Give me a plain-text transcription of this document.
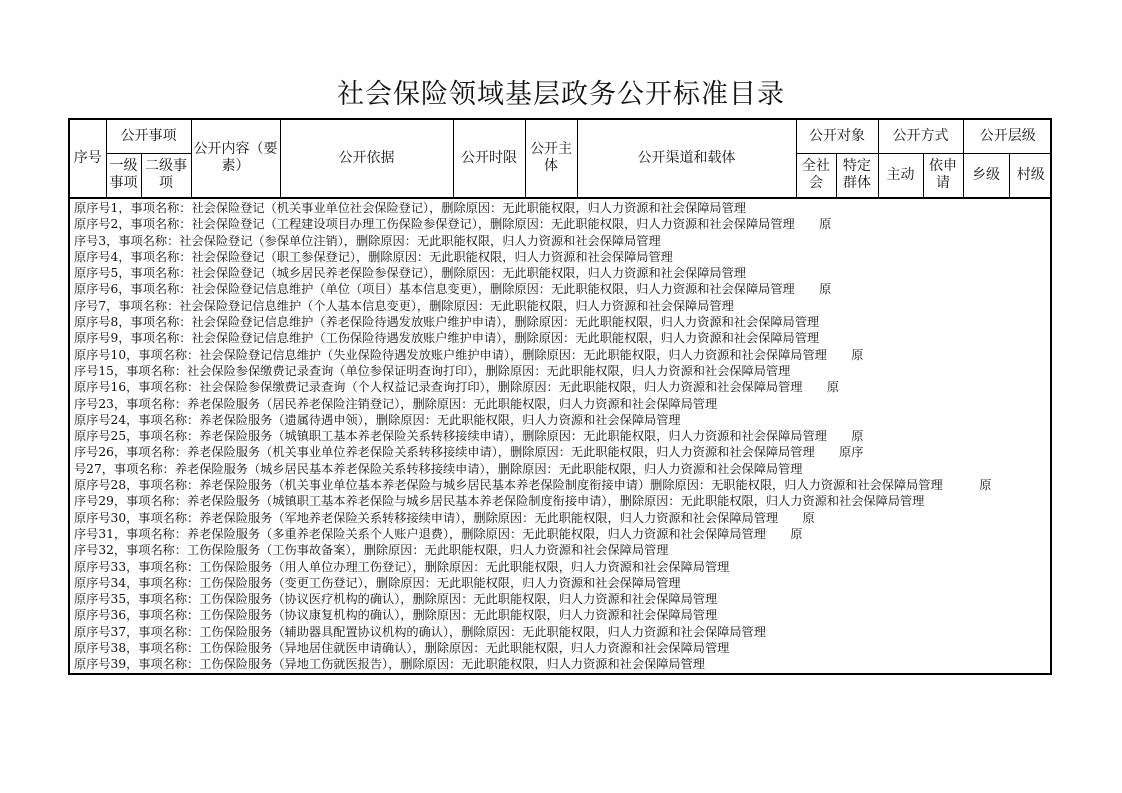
社会保险领域基层政务公开标准目录
序号	公开事项		公开内容（要素）	公开依据	公开时限	公开主体	公开渠道和载体	公开对象		公开方式		公开层级	
	一级事项	二级事项						全社会	特定群体	主动	依申请	乡级	村级
原序号1，事项名称：社会保险登记（机关事业单位社会保险登记），删除原因：无此职能权限，归人力资源和社会保障局管理
原序号2，事项名称：社会保险登记（工程建设项目办理工伤保险参保登记），删除原因：无此职能权限，归人力资源和社会保障局管理　　原
序号3，事项名称：社会保险登记（参保单位注销），删除原因：无此职能权限，归人力资源和社会保障局管理
原序号4，事项名称：社会保险登记（职工参保登记），删除原因：无此职能权限，归人力资源和社会保障局管理
原序号5，事项名称：社会保险登记（城乡居民养老保险参保登记），删除原因：无此职能权限，归人力资源和社会保障局管理
原序号6，事项名称：社会保险登记信息维护（单位（项目）基本信息变更），删除原因：无此职能权限，归人力资源和社会保障局管理　　原
序号7，事项名称：社会保险登记信息维护（个人基本信息变更），删除原因：无此职能权限，归人力资源和社会保障局管理
原序号8，事项名称：社会保险登记信息维护（养老保险待遇发放账户维护申请），删除原因：无此职能权限，归人力资源和社会保障局管理
原序号9，事项名称：社会保险登记信息维护（工伤保险待遇发放账户维护申请），删除原因：无此职能权限，归人力资源和社会保障局管理
原序号10，事项名称：社会保险登记信息维护（失业保险待遇发放账户维护申请），删除原因：无此职能权限，归人力资源和社会保障局管理　　原
序号15，事项名称：社会保险参保缴费记录查询（单位参保证明查询打印），删除原因：无此职能权限，归人力资源和社会保障局管理
原序号16，事项名称：社会保险参保缴费记录查询（个人权益记录查询打印），删除原因：无此职能权限，归人力资源和社会保障局管理　　原
序号23，事项名称：养老保险服务（居民养老保险注销登记），删除原因：无此职能权限，归人力资源和社会保障局管理
原序号24，事项名称：养老保险服务（遗属待遇申领），删除原因：无此职能权限，归人力资源和社会保障局管理
原序号25，事项名称：养老保险服务（城镇职工基本养老保险关系转移接续申请），删除原因：无此职能权限，归人力资源和社会保障局管理　　原
序号26，事项名称：养老保险服务（机关事业单位养老保险关系转移接续申请），删除原因：无此职能权限，归人力资源和社会保障局管理　　原序
号27，事项名称：养老保险服务（城乡居民基本养老保险关系转移接续申请），删除原因：无此职能权限，归人力资源和社会保障局管理
原序号28，事项名称：养老保险服务（机关事业单位基本养老保险与城乡居民基本养老保险制度衔接申请）删除原因：无职能权限，归人力资源和社会保障局管理　　　原
序号29，事项名称：养老保险服务（城镇职工基本养老保险与城乡居民基本养老保险制度衔接申请），删除原因：无此职能权限，归人力资源和社会保障局管理
原序号30，事项名称：养老保险服务（军地养老保险关系转移接续申请），删除原因：无此职能权限，归人力资源和社会保障局管理　　原
序号31，事项名称：养老保险服务（多重养老保险关系个人账户退费），删除原因：无此职能权限，归人力资源和社会保障局管理　　原
序号32，事项名称：工伤保险服务（工伤事故备案），删除原因：无此职能权限，归人力资源和社会保障局管理
原序号33，事项名称：工伤保险服务（用人单位办理工伤登记），删除原因：无此职能权限，归人力资源和社会保障局管理
原序号34，事项名称：工伤保险服务（变更工伤登记），删除原因：无此职能权限，归人力资源和社会保障局管理
原序号35，事项名称：工伤保险服务（协议医疗机构的确认），删除原因：无此职能权限，归人力资源和社会保障局管理
原序号36，事项名称：工伤保险服务（协议康复机构的确认），删除原因：无此职能权限，归人力资源和社会保障局管理
原序号37，事项名称：工伤保险服务（辅助器具配置协议机构的确认），删除原因：无此职能权限，归人力资源和社会保障局管理
原序号38，事项名称：工伤保险服务（异地居住就医申请确认），删除原因：无此职能权限，归人力资源和社会保障局管理
原序号39，事项名称：工伤保险服务（异地工伤就医报告），删除原因：无此职能权限，归人力资源和社会保障局管理
